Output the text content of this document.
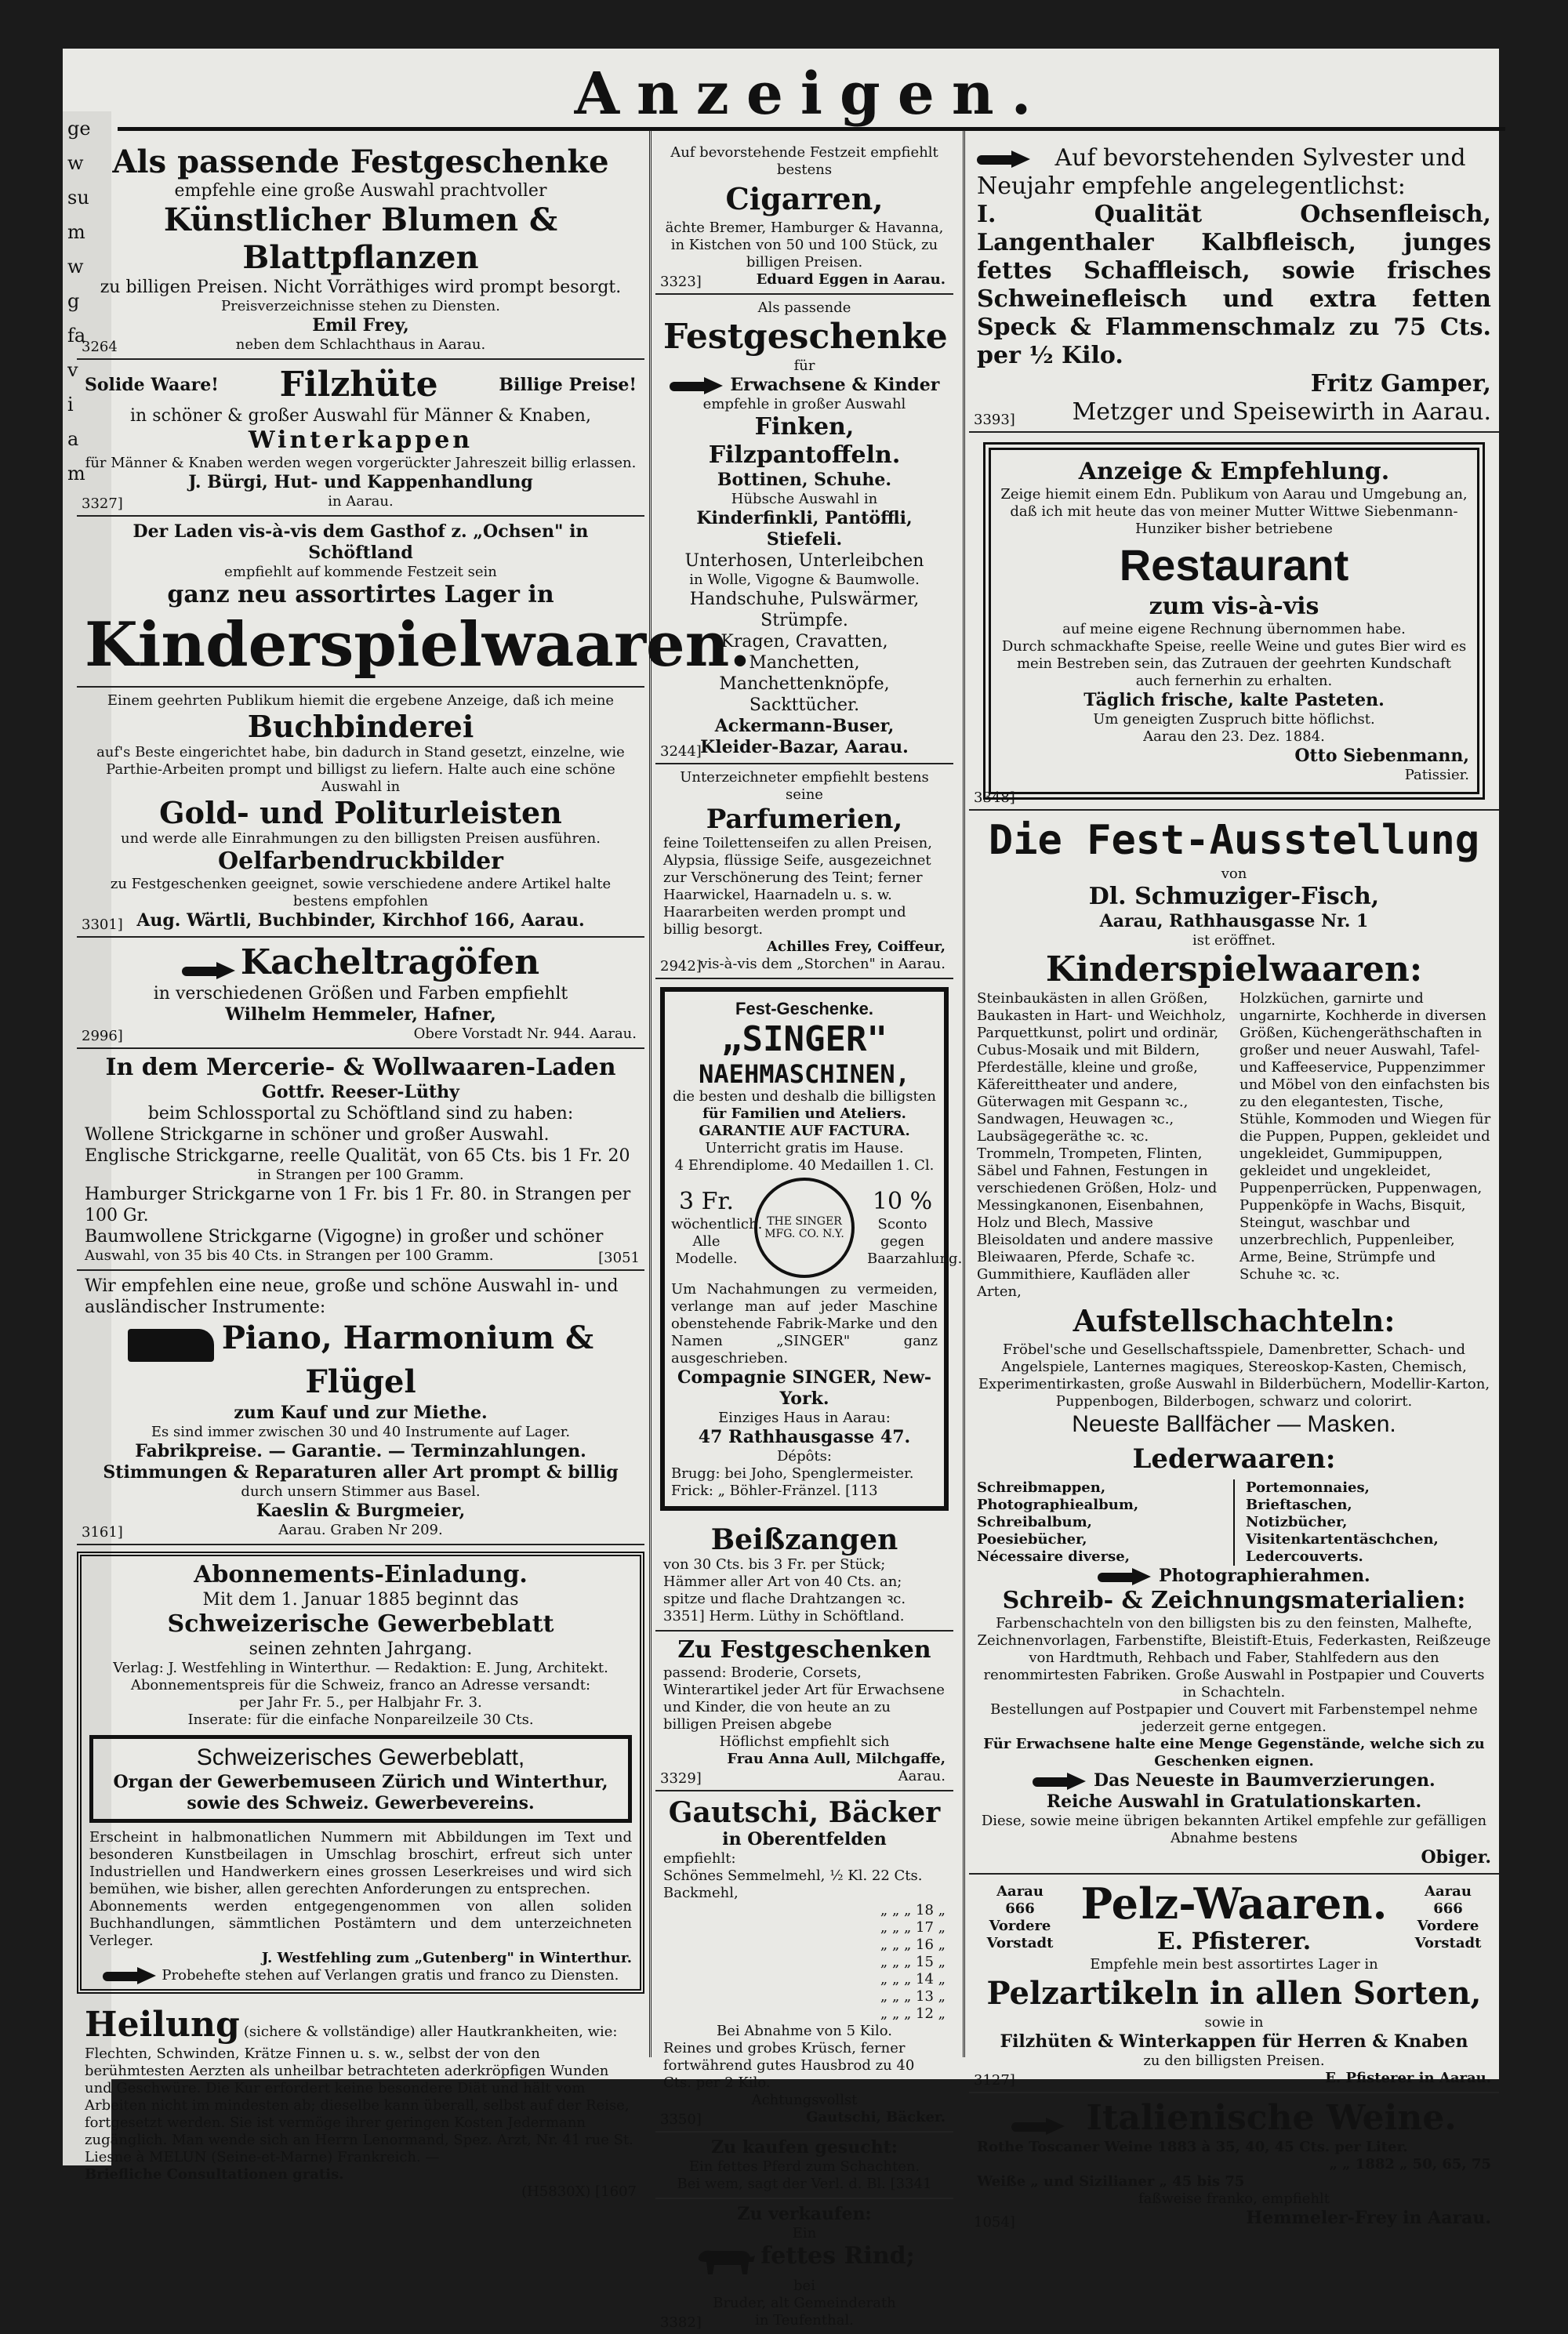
ge
w
su
m
w
g
fa
v
i
a
m
Anzeigen.

Als passende Festgeschenke

empfehle eine große Auswahl prachtvoller

Künstlicher Blumen & Blattpflanzen

zu billigen Preisen. Nicht Vorräthiges wird prompt besorgt.

Preisverzeichnisse stehen zu Diensten.

Emil Frey,

neben dem Schlachthaus in Aarau.

3264
Solide Waare! Filzhüte	Billige Preise!

in schöner & großer Auswahl für Männer & Knaben,

Winterkappen

für Männer & Knaben werden wegen vorgerückter Jahreszeit billig erlassen.

J. Bürgi, Hut- und Kappenhandlung

in Aarau.

3327]

Der Laden vis-à-vis dem Gasthof z. „Ochsen" in Schöftland

empfiehlt auf kommende Festzeit sein

ganz neu assortirtes Lager in

Kinderspielwaaren.

Einem geehrten Publikum hiemit die ergebene Anzeige, daß ich meine

Buchbinderei

auf's Beste eingerichtet habe, bin dadurch in Stand gesetzt, einzelne, wie Parthie-Arbeiten prompt und billigst zu liefern. Halte auch eine schöne Auswahl in

Gold- und Politurleisten

und werde alle Einrahmungen zu den billigsten Preisen ausführen.

Oelfarbendruckbilder

zu Festgeschenken geeignet, sowie verschiedene andere Artikel halte bestens empfohlen

Aug. Wärtli, Buchbinder, Kirchhof 166, Aarau.

3301]

Kacheltragöfen

in verschiedenen Größen und Farben empfiehlt

Wilhelm Hemmeler, Hafner,

Obere Vorstadt Nr. 944. Aarau.

2996]

In dem Mercerie- & Wollwaaren-Laden

Gottfr. Reeser-Lüthy

beim Schlossportal zu Schöftland sind zu haben:

Wollene Strickgarne in schöner und großer Auswahl.

Englische Strickgarne, reelle Qualität, von 65 Cts. bis 1 Fr. 20

in Strangen per 100 Gramm.

Hamburger Strickgarne von 1 Fr. bis 1 Fr. 80. in Strangen per 100 Gr.

Baumwollene Strickgarne (Vigogne) in großer und schöner

Auswahl, von 35 bis 40 Cts. in Strangen per 100 Gramm.	[3051

Wir empfehlen eine neue, große und schöne Auswahl in- und ausländischer Instrumente:

Piano, Harmonium & Flügel

zum Kauf und zur Miethe.

Es sind immer zwischen 30 und 40 Instrumente auf Lager.

Fabrikpreise. — Garantie. — Terminzahlungen.

Stimmungen & Reparaturen aller Art prompt & billig

durch unsern Stimmer aus Basel.

Kaeslin & Burgmeier,

Aarau. Graben Nr 209.

3161]

Abonnements-Einladung.

Mit dem 1. Januar 1885 beginnt das

Schweizerische Gewerbeblatt

seinen zehnten Jahrgang.

Verlag: J. Westfehling in Winterthur. — Redaktion: E. Jung, Architekt.

Abonnementspreis für die Schweiz, franco an Adresse versandt:

per Jahr Fr. 5., per Halbjahr Fr. 3.

Inserate: für die einfache Nonpareilzeile 30 Cts.

Schweizerisches Gewerbeblatt,

Organ der Gewerbemuseen Zürich und Winterthur,

sowie des Schweiz. Gewerbevereins.

Erscheint in halbmonatlichen Nummern mit Abbildungen im Text und besonderen Kunstbeilagen in Umschlag broschirt, erfreut sich unter Industriellen und Handwerkern eines grossen Leserkreises und wird sich bemühen, wie bisher, allen gerechten Anforderungen zu entsprechen.

Abonnements werden entgegengenommen von allen soliden Buchhandlungen, sämmtlichen Postämtern und dem unterzeichneten Verleger.

J. Westfehling zum „Gutenberg" in Winterthur.

Probehefte stehen auf Verlangen gratis und franco zu Diensten.

Heilung (sichere & vollständige) aller Hautkrankheiten, wie: Flechten, Schwinden, Krätze Finnen u. s. w., selbst der von den berühmtesten Aerzten als unheilbar betrachteten aderkröpfigen Wunden und Geschwüre. Die Kur erfordert keine besondere Diät und hält vom Arbeiten nicht im mindesten ab; dieselbe kann überall, selbst auf der Reise, fortgesetzt werden. Sie ist vermöge ihrer geringen Kosten Jedermann zugänglich. Man wende sich an Herrn Lenormand, Spez. Arzt, Nr. 41 rue St. Liesne à MELUN (Seine-et-Marne) Frankreich. —

Briefliche Consultationen gratis.

(H5830X) [1607

Auf bevorstehende Festzeit empfiehlt bestens

Cigarren,

ächte Bremer, Hamburger & Havanna, in Kistchen von 50 und 100 Stück, zu billigen Preisen.

Eduard Eggen in Aarau.

3323]

Als passende

Festgeschenke

für

Erwachsene & Kinder

empfehle in großer Auswahl

Finken, Filzpantoffeln.

Bottinen, Schuhe.

Hübsche Auswahl in

Kinderfinkli, Pantöffli, Stiefeli.

Unterhosen, Unterleibchen

in Wolle, Vigogne & Baumwolle.

Handschuhe, Pulswärmer, Strümpfe.

Kragen, Cravatten, Manchetten,

Manchettenknöpfe, Sackttücher.

Ackermann-Buser,

Kleider-Bazar, Aarau.

3244]

Unterzeichneter empfiehlt bestens seine

Parfumerien,

feine Toilettenseifen zu allen Preisen, Alypsia, flüssige Seife, ausgezeichnet zur Verschönerung des Teint; ferner Haarwickel, Haarnadeln u. s. w.

Haararbeiten werden prompt und billig besorgt.

Achilles Frey, Coiffeur,

vis-à-vis dem „Storchen" in Aarau.

2942]

Fest-Geschenke.

„SINGER"

NAEHMASCHINEN,

die besten und deshalb die billigsten

für Familien und Ateliers.

GARANTIE AUF FACTURA.

Unterricht gratis im Hause.

4 Ehrendiplome. 40 Medaillen 1. Cl.

3 Fr.

wöchentlich.

Alle Modelle.

THE SINGER MFG. CO. N.Y.

10 %

Sconto gegen Baarzahlung.

Um Nachahmungen zu vermeiden, verlange man auf jeder Maschine obenstehende Fabrik-Marke und den Namen „SINGER" ganz ausgeschrieben.

Compagnie SINGER, New-York.

Einziges Haus in Aarau:

47 Rathhausgasse 47.

Dépôts:

Brugg: bei Joho, Spenglermeister.

Frick: „ Böhler-Fränzel. [113

Beißzangen

von 30 Cts. bis 3 Fr. per Stück; Hämmer aller Art von 40 Cts. an; spitze und flache Drahtzangen ꝛc.

3351] Herm. Lüthy in Schöftland.

Zu Festgeschenken

passend: Broderie, Corsets, Winterartikel jeder Art für Erwachsene und Kinder, die von heute an zu billigen Preisen abgebe

Höflichst empfiehlt sich

Frau Anna Aull, Milchgaffe,

Aarau.

3329]

Gautschi, Bäcker

in Oberentfelden

empfiehlt:

Schönes Semmelmehl, ½ Kl. 22 Cts.

Backmehl,

„ „ „ 18 „

„ „ „ 17 „

„ „ „ 16 „

„ „ „ 15 „

„ „ „ 14 „

„ „ „ 13 „

„ „ „ 12 „

Bei Abnahme von 5 Kilo.

Reines und grobes Krüsch, ferner fortwährend gutes Hausbrod zu 40 Cts. per 2 Kilo.

Achtungsvollst

Gautschi, Bäcker.

3350]

Zu kaufen gesucht:

Ein fettes Pferd zum Schachten.

Bei wem, sagt der Verl. d. Bl. [3341

Zu verkaufen:

Ein

fettes Rind;

bei

Bruder, alt Gemeinderath

in Teufenthal.

3382]

Auf bevorstehenden Sylvester und Neujahr empfehle angelegentlichst:

I. Qualität Ochsenfleisch, Langenthaler Kalbfleisch, junges fettes Schaffleisch, sowie frisches Schweinefleisch und extra fetten Speck & Flammenschmalz zu 75 Cts. per ½ Kilo.

Fritz Gamper,

Metzger und Speisewirth in Aarau.

3393]

Anzeige & Empfehlung.

Zeige hiemit einem Edn. Publikum von Aarau und Umgebung an, daß ich mit heute das von meiner Mutter Wittwe Siebenmann-Hunziker bisher betriebene

Restaurant

zum vis-à-vis

auf meine eigene Rechnung übernommen habe.

Durch schmackhafte Speise, reelle Weine und gutes Bier wird es mein Bestreben sein, das Zutrauen der geehrten Kundschaft auch fernerhin zu erhalten.

Täglich frische, kalte Pasteten.

Um geneigten Zuspruch bitte höflichst.

Aarau den 23. Dez. 1884.

Otto Siebenmann,

Patissier.

3348]

Die Fest-Ausstellung

von

Dl. Schmuziger-Fisch,

Aarau, Rathhausgasse Nr. 1

ist eröffnet.

Kinderspielwaaren:

Steinbaukästen in allen Größen, Baukasten in Hart- und Weichholz, Parquettkunst, polirt und ordinär, Cubus-Mosaik und mit Bildern, Pferdeställe, kleine und große, Käfereittheater und andere, Güterwagen mit Gespann ꝛc., Sandwagen, Heuwagen ꝛc., Laubsägegeräthe ꝛc. ꝛc. Trommeln, Trompeten, Flinten, Säbel und Fahnen, Festungen in verschiedenen Größen, Holz- und Messingkanonen, Eisenbahnen, Holz und Blech, Massive Bleisoldaten und andere massive Bleiwaaren, Pferde, Schafe ꝛc. Gummithiere, Kaufläden aller Arten,
Holzküchen, garnirte und ungarnirte, Kochherde in diversen Größen, Küchengeräthschaften in großer und neuer Auswahl, Tafel- und Kaffeeservice, Puppenzimmer und Möbel von den einfachsten bis zu den elegantesten, Tische, Stühle, Kommoden und Wiegen für die Puppen, Puppen, gekleidet und ungekleidet, Gummipuppen, gekleidet und ungekleidet, Puppenperrücken, Puppenwagen, Puppenköpfe in Wachs, Bisquit, Steingut, waschbar und unzerbrechlich, Puppenleiber, Arme, Beine, Strümpfe und Schuhe ꝛc. ꝛc.

Aufstellschachteln:

Fröbel'sche und Gesellschaftsspiele, Damenbretter, Schach- und Angelspiele, Lanternes magiques, Stereoskop-Kasten, Chemisch, Experimentirkasten, große Auswahl in Bilderbüchern, Modellir-Karton, Puppenbogen, Bilderbogen, schwarz und colorirt.

Neueste Ballfächer — Masken.

Lederwaaren:

Schreibmappen,

Photographiealbum,

Schreibalbum,

Poesiebücher,

Nécessaire diverse,

Portemonnaies,

Brieftaschen,

Notizbücher,

Visitenkartentäschchen,

Ledercouverts.

Photographierahmen.

Schreib- & Zeichnungsmaterialien:

Farbenschachteln von den billigsten bis zu den feinsten, Malhefte, Zeichnenvorlagen, Farbenstifte, Bleistift-Etuis, Federkasten, Reißzeuge von Hardtmuth, Rehbach und Faber, Stahlfedern aus den renommirtesten Fabriken. Große Auswahl in Postpapier und Couverts in Schachteln.

Bestellungen auf Postpapier und Couvert mit Farbenstempel nehme jederzeit gerne entgegen.

Für Erwachsene halte eine Menge Gegenstände, welche sich zu Geschenken eignen.

Das Neueste in Baumverzierungen.

Reiche Auswahl in Gratulationskarten.

Diese, sowie meine übrigen bekannten Artikel empfehle zur gefälligen Abnahme bestens

Obiger.

Aarau

666

Vordere Vorstadt

Pelz-Waaren.

E. Pfisterer.

Aarau

666

Vordere Vorstadt

Empfehle mein best assortirtes Lager in

Pelzartikeln in allen Sorten,

sowie in

Filzhüten & Winterkappen für Herren & Knaben

zu den billigsten Preisen.

E. Pfisterer in Aarau.

3127]

Italienische Weine.

Rothe Toscaner Weine 1883 à 35, 40, 45 Cts. per Liter.

„ „ 1882 „ 50, 65, 75

Weiße „ und Sizilianer „ 45 bis 75

faßweise franko, empfiehlt

Hemmeler-Frey in Aarau.

1054]
